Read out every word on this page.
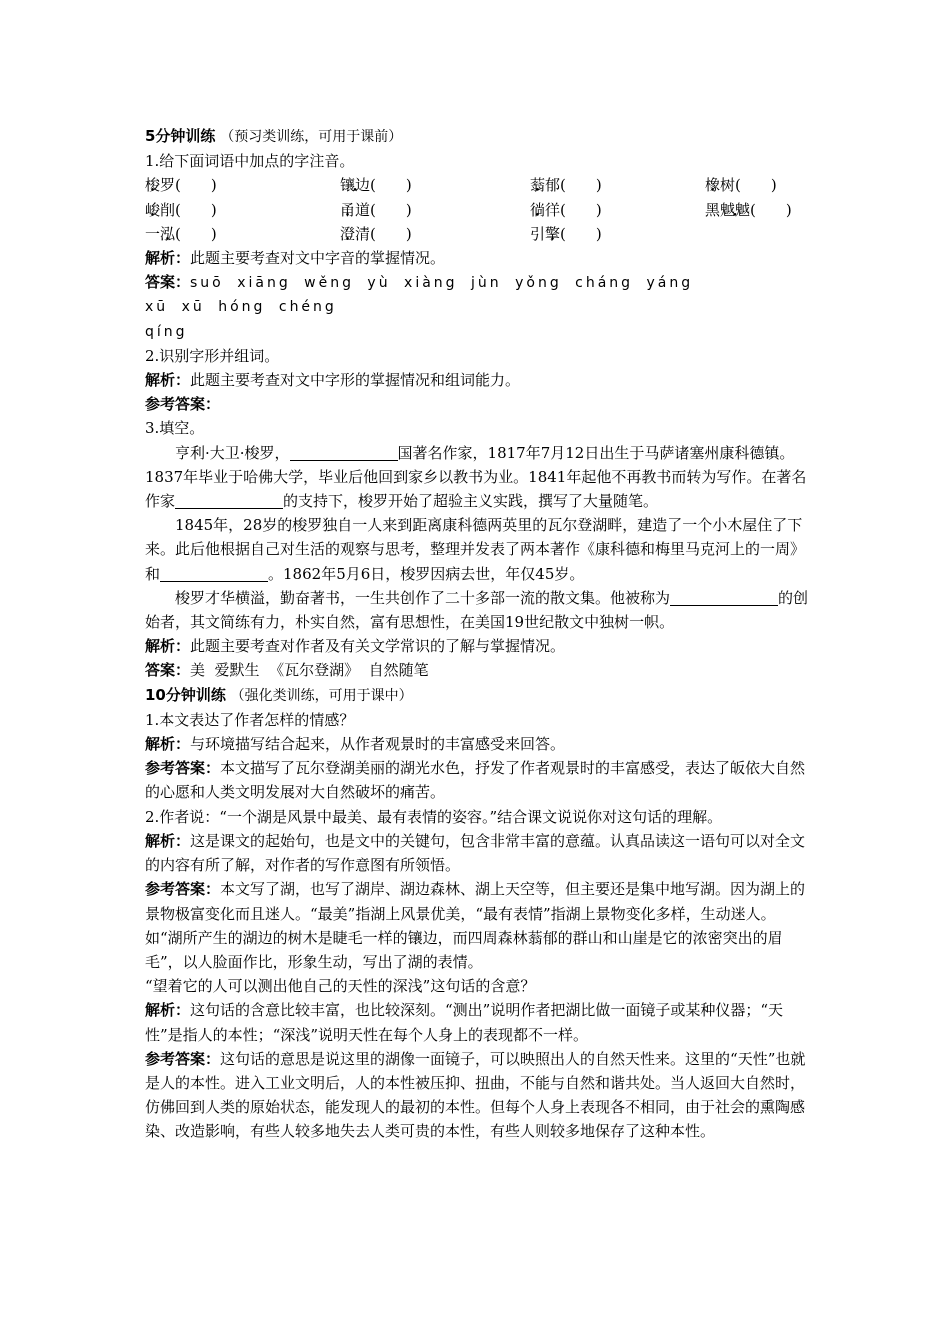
5分钟训练 （预习类训练，可用于课前）

1.给下面词语中加点的字注音。

梭罗(　　)	镶边(　　)	蓊郁(　　)	橡树(　　)
峻削(　　)	甬道(　　)	徜徉(　　)	黑魆魆(　　)
一泓(　　)	澄清(　　)	引擎(　　)

解析：此题主要考查对文中字音的掌握情况。

答案：suō xiāng wěng yù xiàng jùn yǒng cháng yáng

xū xū hóng chéng

qíng

2.识别字形并组词。

解析：此题主要考查对文中字形的掌握情况和组词能力。

参考答案：

3.填空。

亨利·大卫·梭罗，	国著名作家，1817年7月12日出生于马萨诸塞州康科德镇。1837年毕业于哈佛大学，毕业后他回到家乡以教书为业。1841年起他不再教书而转为写作。在著名作家	的支持下，梭罗开始了超验主义实践，撰写了大量随笔。

1845年，28岁的梭罗独自一人来到距离康科德两英里的瓦尔登湖畔，建造了一个小木屋住了下来。此后他根据自己对生活的观察与思考，整理并发表了两本著作《康科德和梅里马克河上的一周》和	。1862年5月6日，梭罗因病去世，年仅45岁。

梭罗才华横溢，勤奋著书，一生共创作了二十多部一流的散文集。他被称为	的创始者，其文简练有力，朴实自然，富有思想性，在美国19世纪散文中独树一帜。

解析：此题主要考查对作者及有关文学常识的了解与掌握情况。

答案：美  爱默生  《瓦尔登湖》  自然随笔

10分钟训练 （强化类训练，可用于课中）

1.本文表达了作者怎样的情感？

解析：与环境描写结合起来，从作者观景时的丰富感受来回答。

参考答案：本文描写了瓦尔登湖美丽的湖光水色，抒发了作者观景时的丰富感受，表达了皈依大自然的心愿和人类文明发展对大自然破坏的痛苦。

2.作者说：“一个湖是风景中最美、最有表情的姿容。”结合课文说说你对这句话的理解。

解析：这是课文的起始句，也是文中的关键句，包含非常丰富的意蕴。认真品读这一语句可以对全文的内容有所了解，对作者的写作意图有所领悟。

参考答案：本文写了湖，也写了湖岸、湖边森林、湖上天空等，但主要还是集中地写湖。因为湖上的景物极富变化而且迷人。“最美”指湖上风景优美，“最有表情”指湖上景物变化多样，生动迷人。如“湖所产生的湖边的树木是睫毛一样的镶边，而四周森林蓊郁的群山和山崖是它的浓密突出的眉毛”，以人脸面作比，形象生动，写出了湖的表情。

“望着它的人可以测出他自己的天性的深浅”这句话的含意？

解析：这句话的含意比较丰富，也比较深刻。“测出”说明作者把湖比做一面镜子或某种仪器；“天性”是指人的本性；“深浅”说明天性在每个人身上的表现都不一样。

参考答案：这句话的意思是说这里的湖像一面镜子，可以映照出人的自然天性来。这里的“天性”也就是人的本性。进入工业文明后，人的本性被压抑、扭曲，不能与自然和谐共处。当人返回大自然时，仿佛回到人类的原始状态，能发现人的最初的本性。但每个人身上表现各不相同，由于社会的熏陶感染、改造影响，有些人较多地失去人类可贵的本性，有些人则较多地保存了这种本性。
